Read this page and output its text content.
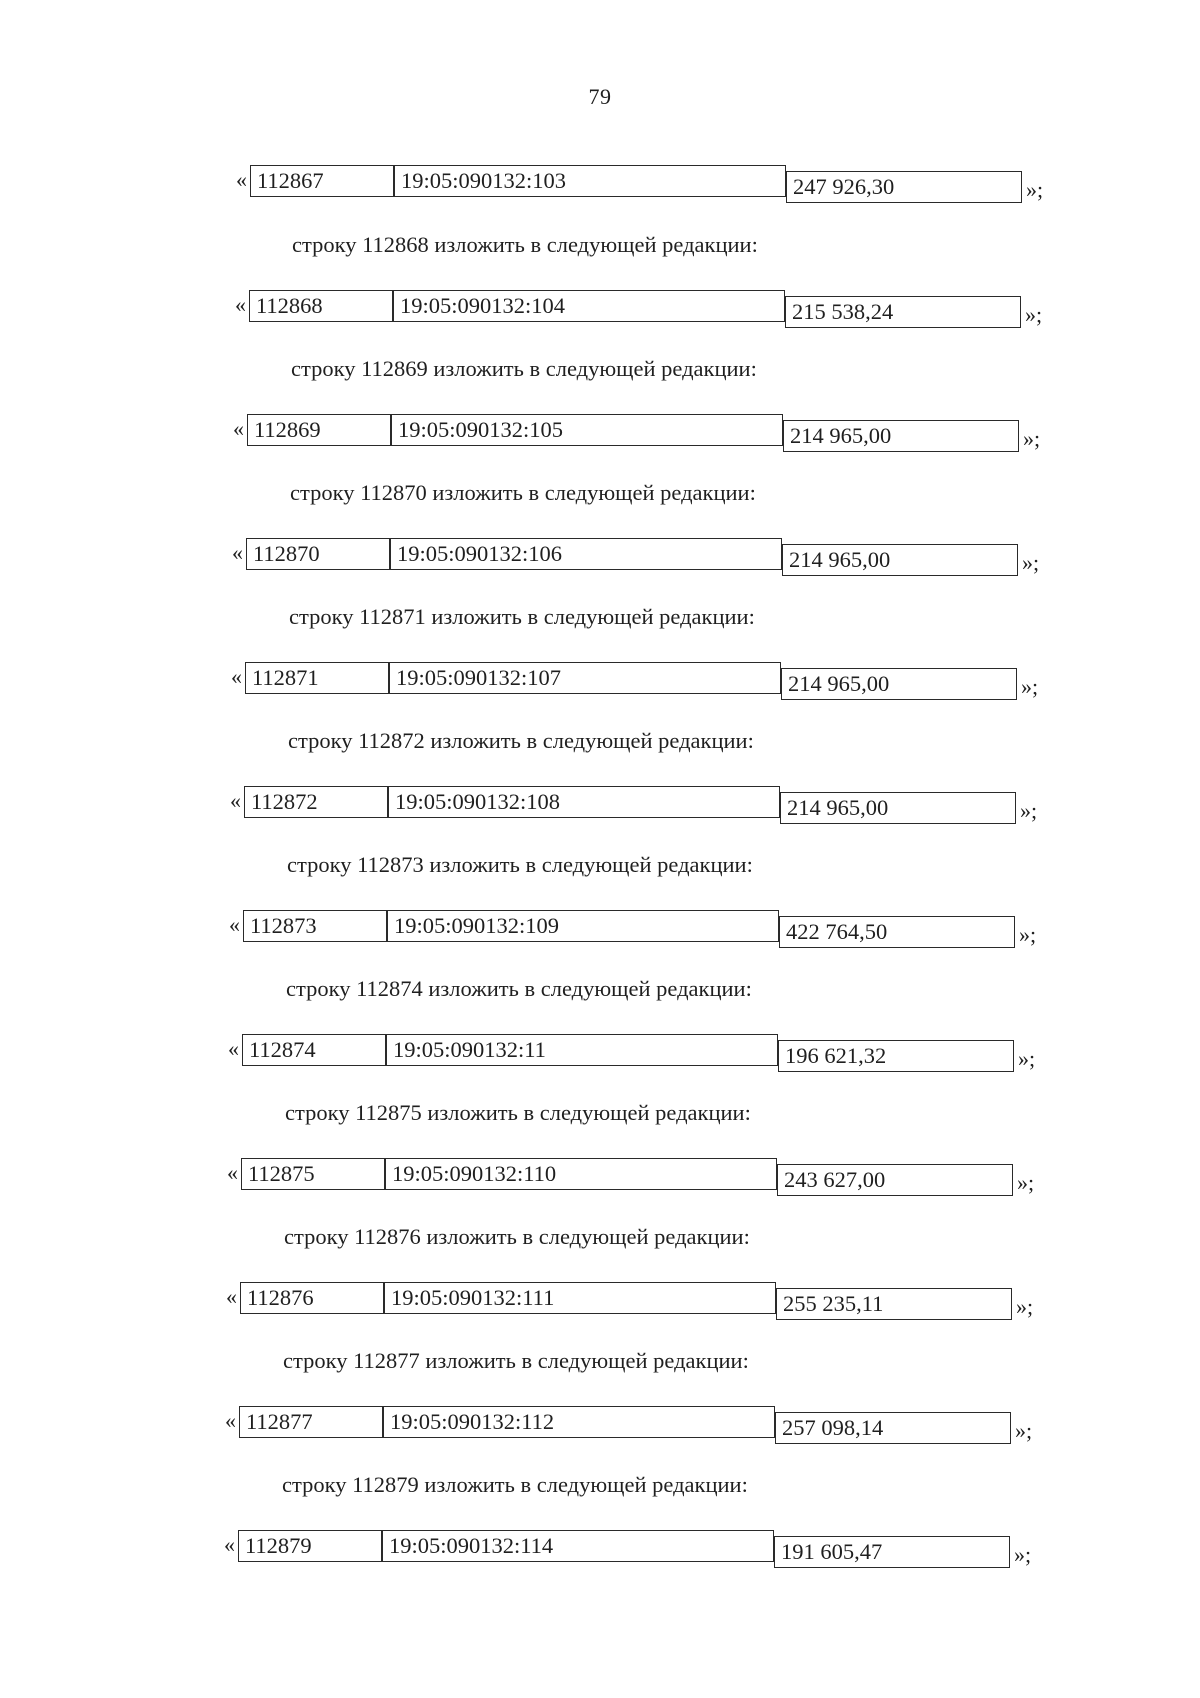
79
« 112867	19:05:090132:103	247 926,30	»;
строку 112868 изложить в следующей редакции:
« 112868	19:05:090132:104	215 538,24	»;
строку 112869 изложить в следующей редакции:
« 112869	19:05:090132:105	214 965,00	»;
строку 112870 изложить в следующей редакции:
« 112870	19:05:090132:106	214 965,00	»;
строку 112871 изложить в следующей редакции:
« 112871	19:05:090132:107	214 965,00	»;
строку 112872 изложить в следующей редакции:
« 112872	19:05:090132:108	214 965,00	»;
строку 112873 изложить в следующей редакции:
« 112873	19:05:090132:109	422 764,50	»;
строку 112874 изложить в следующей редакции:
« 112874	19:05:090132:11	196 621,32	»;
строку 112875 изложить в следующей редакции:
« 112875	19:05:090132:110	243 627,00	»;
строку 112876 изложить в следующей редакции:
« 112876	19:05:090132:111	255 235,11	»;
строку 112877 изложить в следующей редакции:
« 112877	19:05:090132:112	257 098,14	»;
строку 112879 изложить в следующей редакции:
« 112879	19:05:090132:114	191 605,47	»;
